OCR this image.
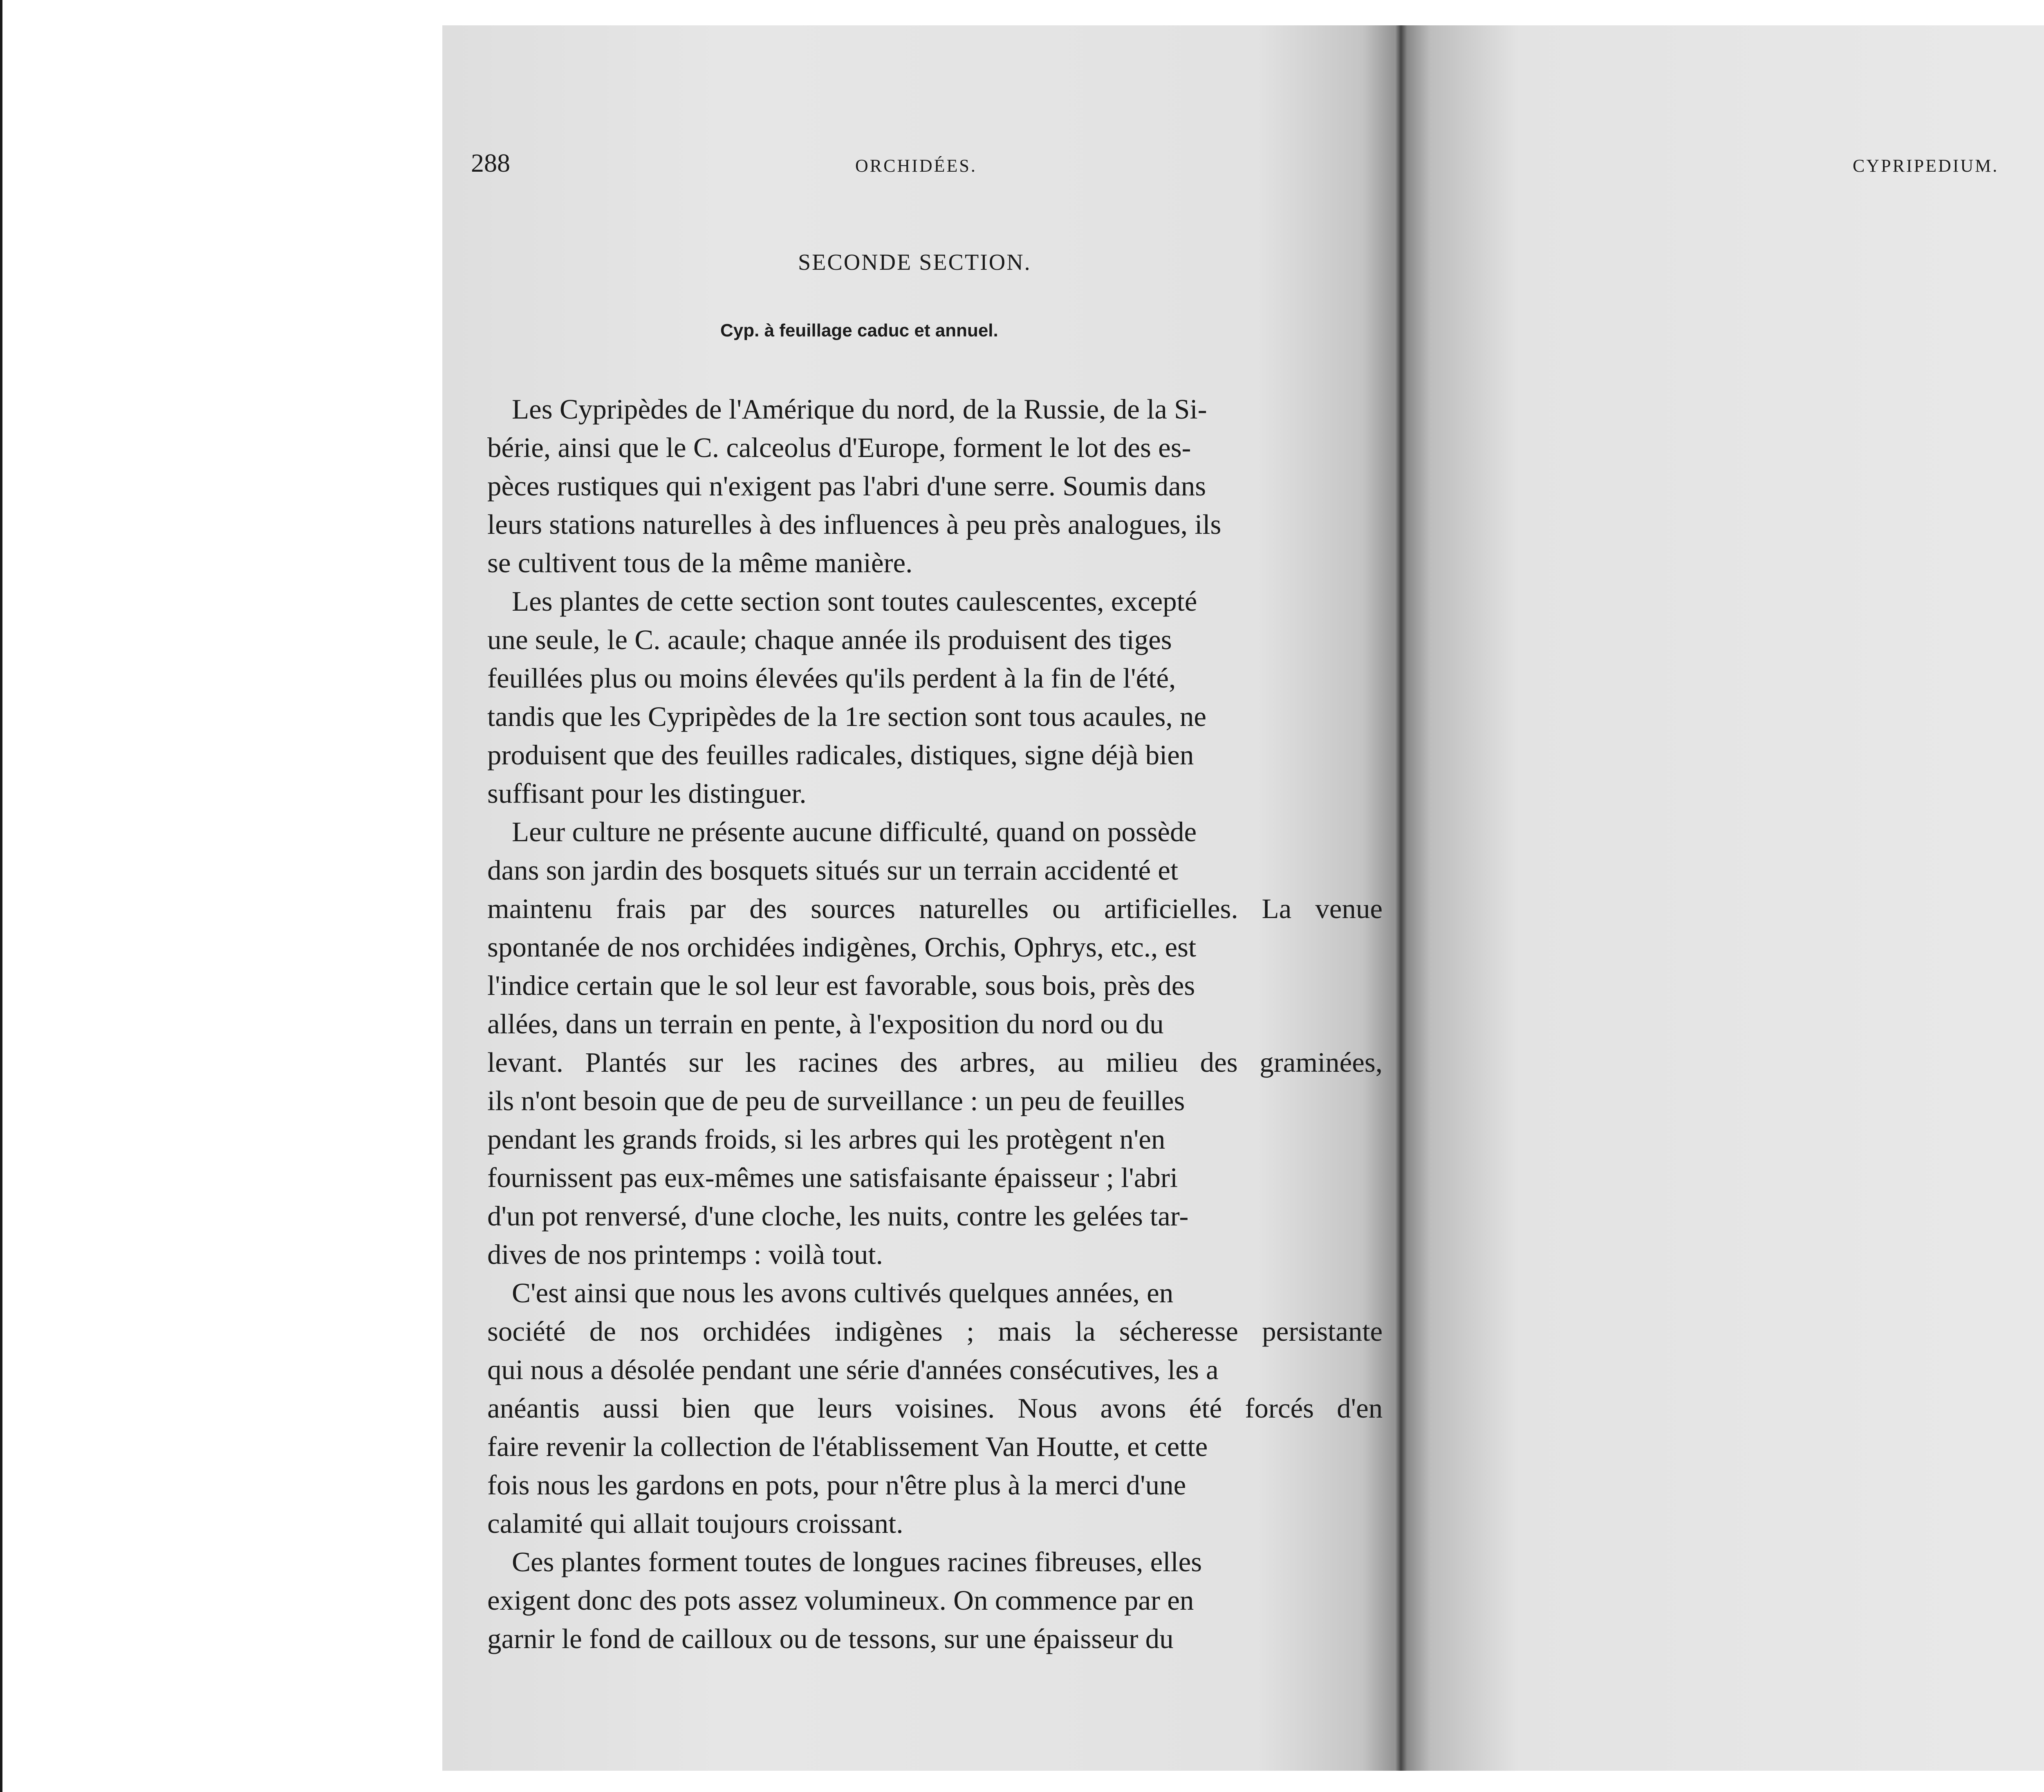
288	ORCHIDÉES.
SECONDE SECTION.
Cyp. à feuillage caduc et annuel.
Les Cypripèdes de l'Amérique du nord, de la Russie, de la Si-
bérie, ainsi que le C. calceolus d'Europe, forment le lot des es-
pèces rustiques qui n'exigent pas l'abri d'une serre. Soumis dans
leurs stations naturelles à des influences à peu près analogues, ils
se cultivent tous de la même manière.
Les plantes de cette section sont toutes caulescentes, excepté
une seule, le C. acaule; chaque année ils produisent des tiges
feuillées plus ou moins élevées qu'ils perdent à la fin de l'été,
tandis que les Cypripèdes de la 1re section sont tous acaules, ne
produisent que des feuilles radicales, distiques, signe déjà bien
suffisant pour les distinguer.
Leur culture ne présente aucune difficulté, quand on possède
dans son jardin des bosquets situés sur un terrain accidenté et
maintenu frais par des sources naturelles ou artificielles. La venue
spontanée de nos orchidées indigènes, Orchis, Ophrys, etc., est
l'indice certain que le sol leur est favorable, sous bois, près des
allées, dans un terrain en pente, à l'exposition du nord ou du
levant. Plantés sur les racines des arbres, au milieu des graminées,
ils n'ont besoin que de peu de surveillance : un peu de feuilles
pendant les grands froids, si les arbres qui les protègent n'en
fournissent pas eux-mêmes une satisfaisante épaisseur ; l'abri
d'un pot renversé, d'une cloche, les nuits, contre les gelées tar-
dives de nos printemps : voilà tout.
C'est ainsi que nous les avons cultivés quelques années, en
société de nos orchidées indigènes ; mais la sécheresse persistante
qui nous a désolée pendant une série d'années consécutives, les a
anéantis aussi bien que leurs voisines. Nous avons été forcés d'en
faire revenir la collection de l'établissement Van Houtte, et cette
fois nous les gardons en pots, pour n'être plus à la merci d'une
calamité qui allait toujours croissant.
Ces plantes forment toutes de longues racines fibreuses, elles
exigent donc des pots assez volumineux. On commence par en
garnir le fond de cailloux ou de tessons, sur une épaisseur du
CYPRIPEDIUM.
